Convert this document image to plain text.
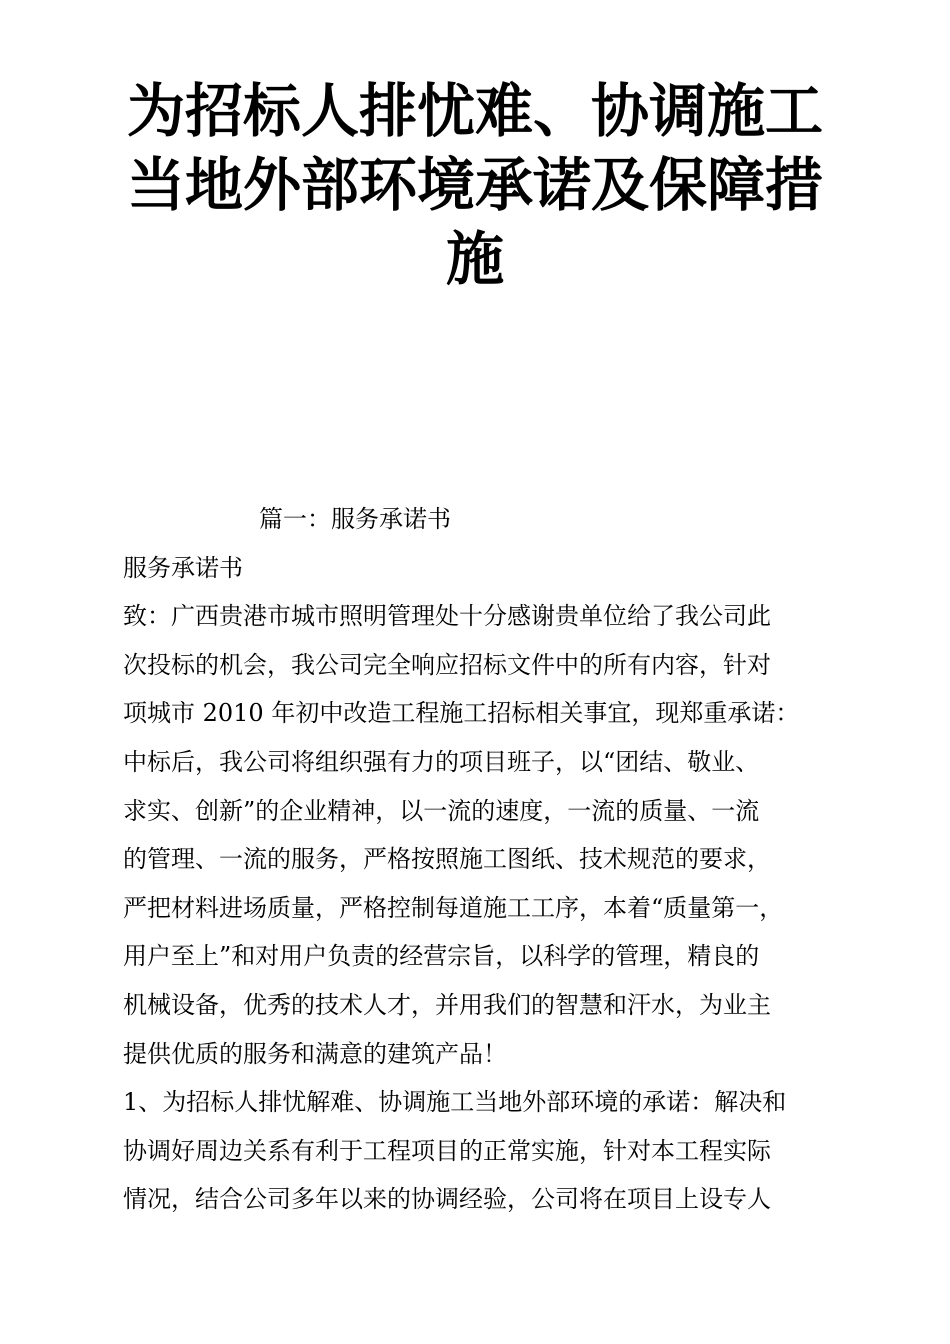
为招标人排忧难、协调施工
当地外部环境承诺及保障措
施
篇一：服务承诺书
服务承诺书
致：广西贵港市城市照明管理处十分感谢贵单位给了我公司此
次投标的机会，我公司完全响应招标文件中的所有内容，针对
项城市 2010 年初中改造工程施工招标相关事宜，现郑重承诺：
中标后，我公司将组织强有力的项目班子，以“团结、敬业、
求实、创新”的企业精神，以一流的速度，一流的质量、一流
的管理、一流的服务，严格按照施工图纸、技术规范的要求，
严把材料进场质量，严格控制每道施工工序，本着“质量第一，
用户至上”和对用户负责的经营宗旨，以科学的管理，精良的
机械设备，优秀的技术人才，并用我们的智慧和汗水，为业主
提供优质的服务和满意的建筑产品！
1、为招标人排忧解难、协调施工当地外部环境的承诺：解决和
协调好周边关系有利于工程项目的正常实施，针对本工程实际
情况，结合公司多年以来的协调经验，公司将在项目上设专人
